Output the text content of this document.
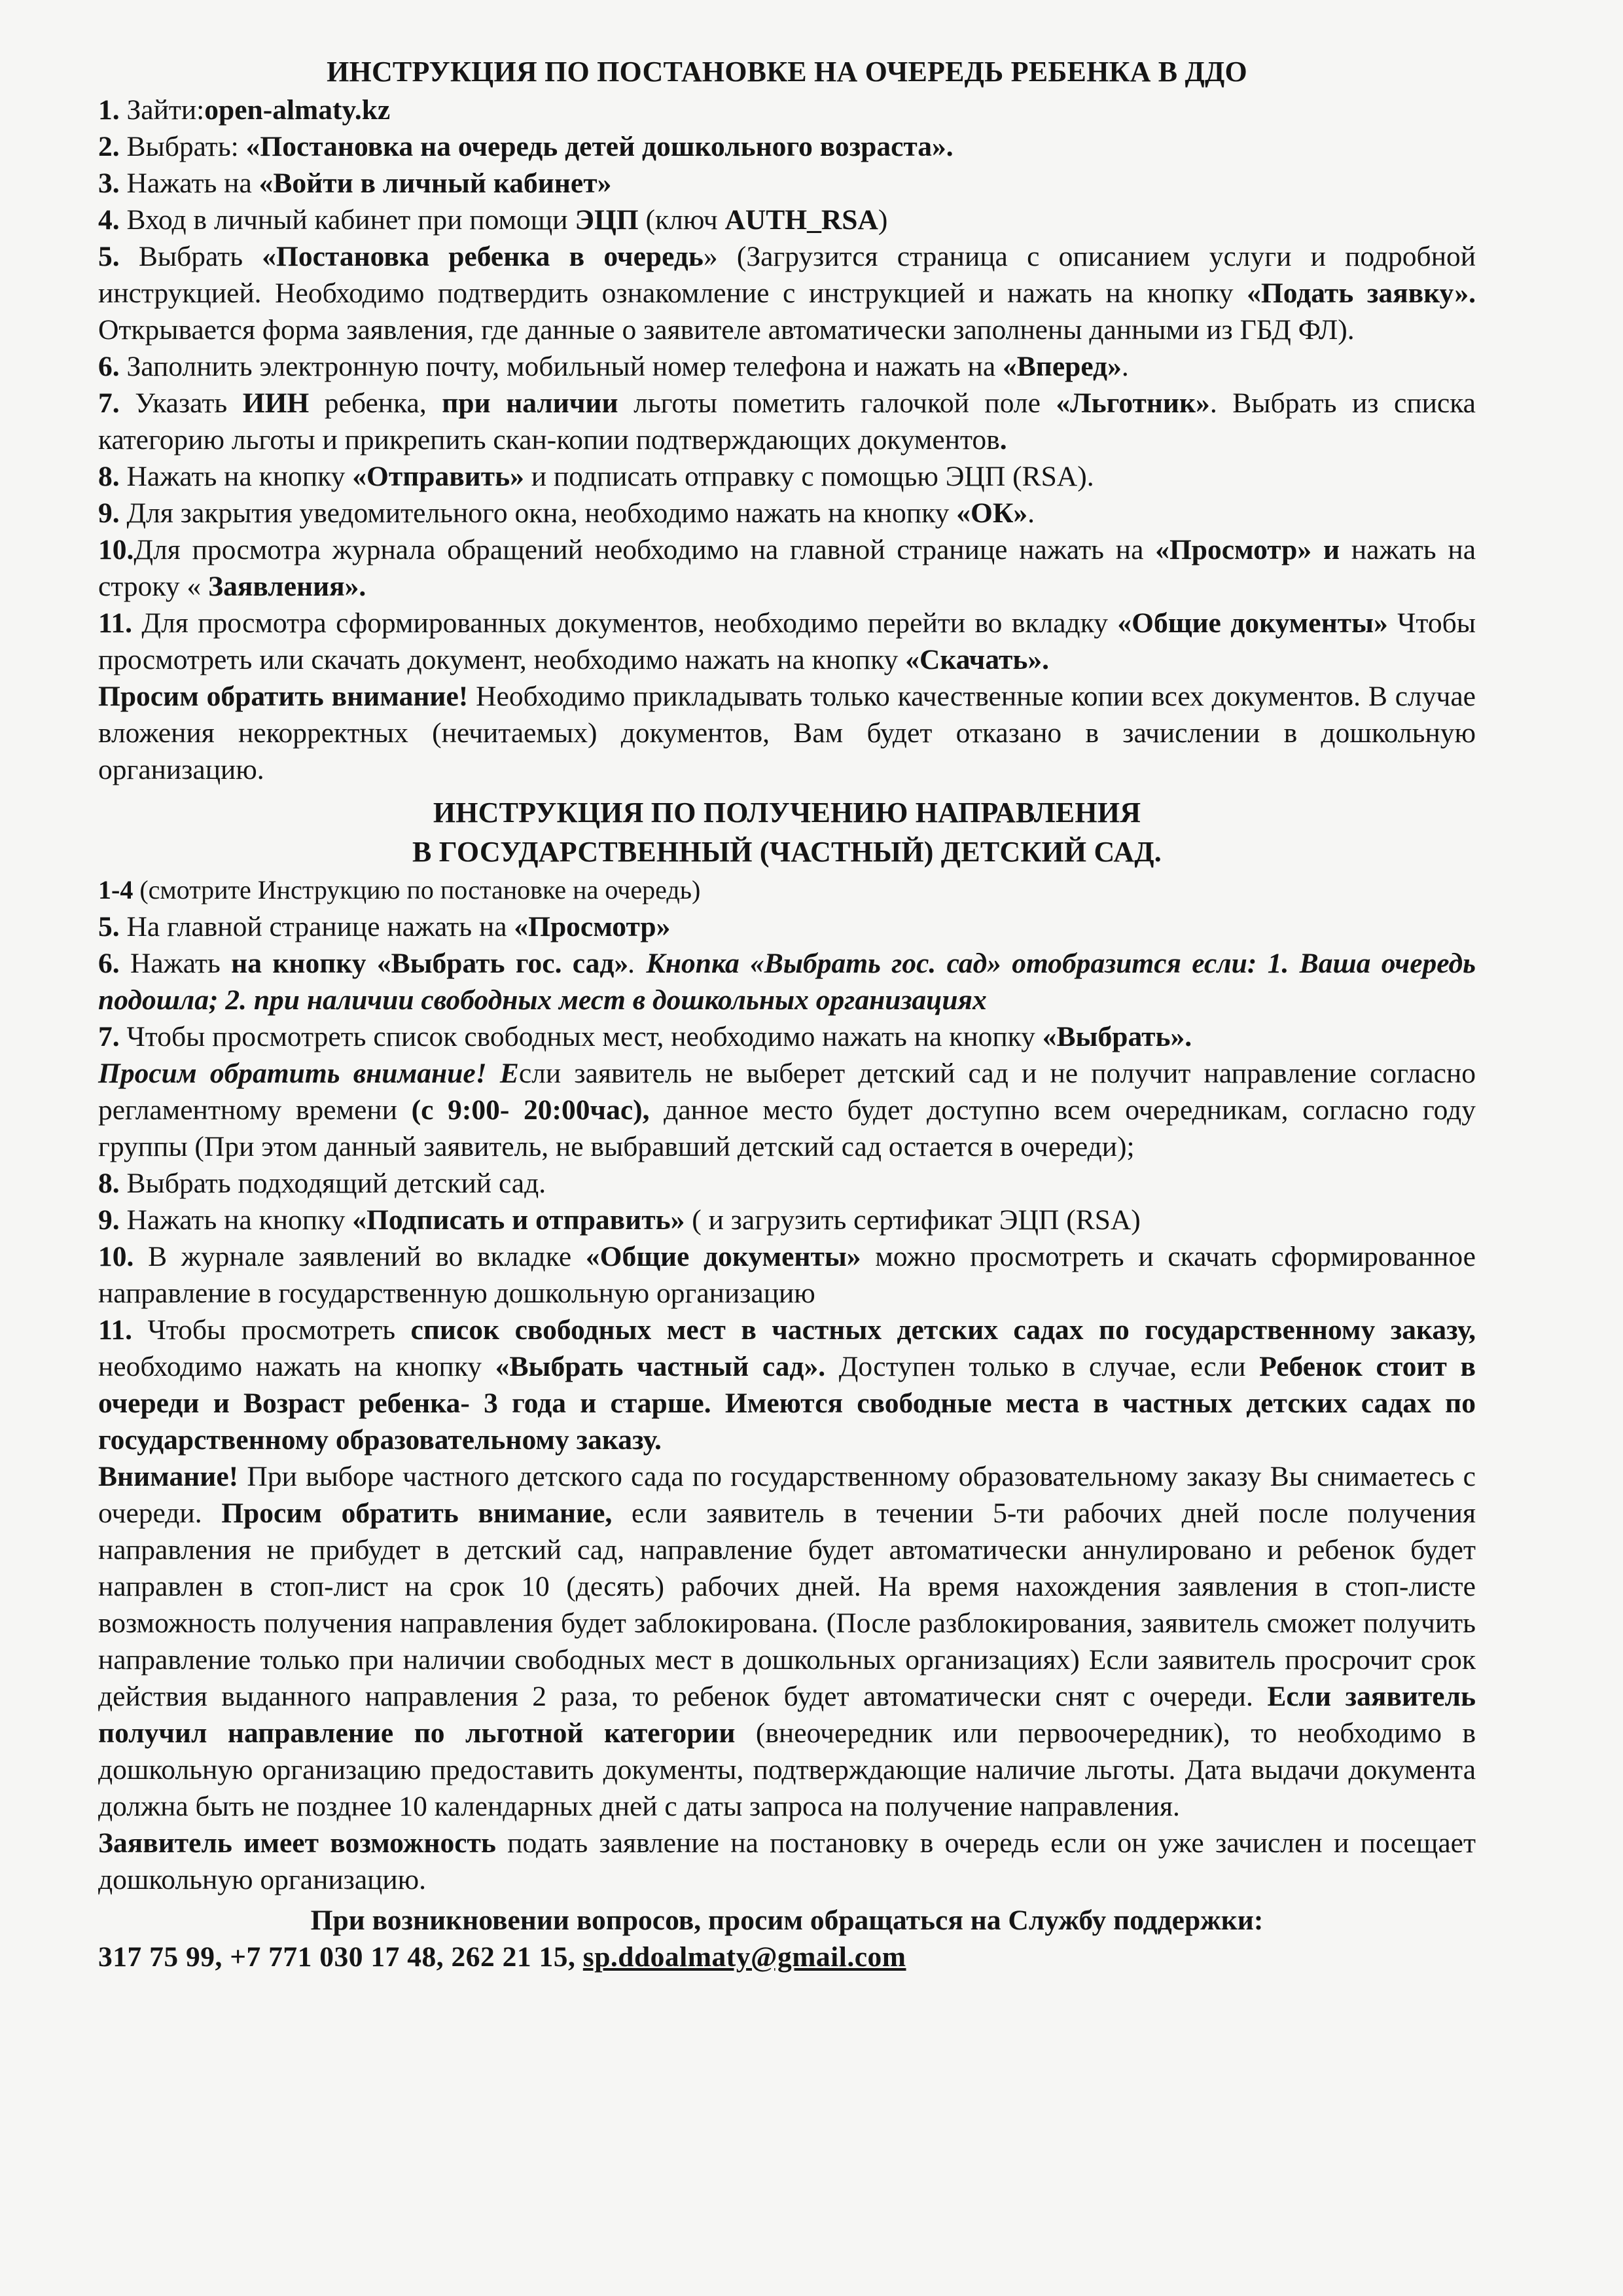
ИНСТРУКЦИЯ ПО ПОСТАНОВКЕ НА ОЧЕРЕДЬ РЕБЕНКА В ДДО

1. Зайти:open-almaty.kz

2. Выбрать: «Постановка на очередь детей дошкольного возраста».

3. Нажать на «Войти в личный кабинет»

4. Вход в личный кабинет при помощи ЭЦП (ключ AUTH_RSA)

5. Выбрать «Постановка ребенка в очередь» (Загрузится страница с описанием услуги и подробной инструкцией. Необходимо подтвердить ознакомление с инструкцией и нажать на кнопку «Подать заявку». Открывается форма заявления, где данные о заявителе автоматически заполнены данными из ГБД ФЛ).

6. Заполнить электронную почту, мобильный номер телефона и нажать на «Вперед».

7. Указать ИИН ребенка, при наличии льготы пометить галочкой поле «Льготник». Выбрать из списка категорию льготы и прикрепить скан-копии подтверждающих документов.

8. Нажать на кнопку «Отправить» и подписать отправку с помощью ЭЦП (RSA).

9. Для закрытия уведомительного окна, необходимо нажать на кнопку «ОК».

10.Для просмотра журнала обращений необходимо на главной странице нажать на «Просмотр» и нажать на строку « Заявления».

11. Для просмотра сформированных документов, необходимо перейти во вкладку «Общие документы» Чтобы просмотреть или скачать документ, необходимо нажать на кнопку «Скачать».

Просим обратить внимание! Необходимо прикладывать только качественные копии всех документов. В случае вложения некорректных (нечитаемых) документов, Вам будет отказано в зачислении в дошкольную организацию.

ИНСТРУКЦИЯ ПО ПОЛУЧЕНИЮ НАПРАВЛЕНИЯ
В ГОСУДАРСТВЕННЫЙ (ЧАСТНЫЙ) ДЕТСКИЙ САД.

1-4 (смотрите Инструкцию по постановке на очередь)

5. На главной странице нажать на «Просмотр»

6. Нажать на кнопку «Выбрать гос. сад». Кнопка «Выбрать гос. сад» отобразится если: 1. Ваша очередь подошла; 2. при наличии свободных мест в дошкольных организациях

7. Чтобы просмотреть список свободных мест, необходимо нажать на кнопку «Выбрать».

Просим обратить внимание! Если заявитель не выберет детский сад и не получит направление согласно регламентному времени (с 9:00- 20:00час), данное место будет доступно всем очередникам, согласно году группы (При этом данный заявитель, не выбравший детский сад остается в очереди);

8. Выбрать подходящий детский сад.

9. Нажать на кнопку «Подписать и отправить» ( и загрузить сертификат ЭЦП (RSA)

10. В журнале заявлений во вкладке «Общие документы» можно просмотреть и скачать сформированное направление в государственную дошкольную организацию

11. Чтобы просмотреть список свободных мест в частных детских садах по государственному заказу, необходимо нажать на кнопку «Выбрать частный сад». Доступен только в случае, если Ребенок стоит в очереди и Возраст ребенка- 3 года и старше. Имеются свободные места в частных детских садах по государственному образовательному заказу.

Внимание! При выборе частного детского сада по государственному образовательному заказу Вы снимаетесь с очереди. Просим обратить внимание, если заявитель в течении 5-ти рабочих дней после получения направления не прибудет в детский сад, направление будет автоматически аннулировано и ребенок будет направлен в стоп-лист на срок 10 (десять) рабочих дней. На время нахождения заявления в стоп-листе возможность получения направления будет заблокирована. (После разблокирования, заявитель сможет получить направление только при наличии свободных мест в дошкольных организациях) Если заявитель просрочит срок действия выданного направления 2 раза, то ребенок будет автоматически снят с очереди. Если заявитель получил направление по льготной категории (внеочередник или первоочередник), то необходимо в дошкольную организацию предоставить документы, подтверждающие наличие льготы. Дата выдачи документа должна быть не позднее 10 календарных дней с даты запроса на получение направления.

Заявитель имеет возможность подать заявление на постановку в очередь если он уже зачислен и посещает дошкольную организацию.

При возникновении вопросов, просим обращаться на Службу поддержки:

317 75 99, +7 771 030 17 48, 262 21 15, sp.ddoalmaty@gmail.com
